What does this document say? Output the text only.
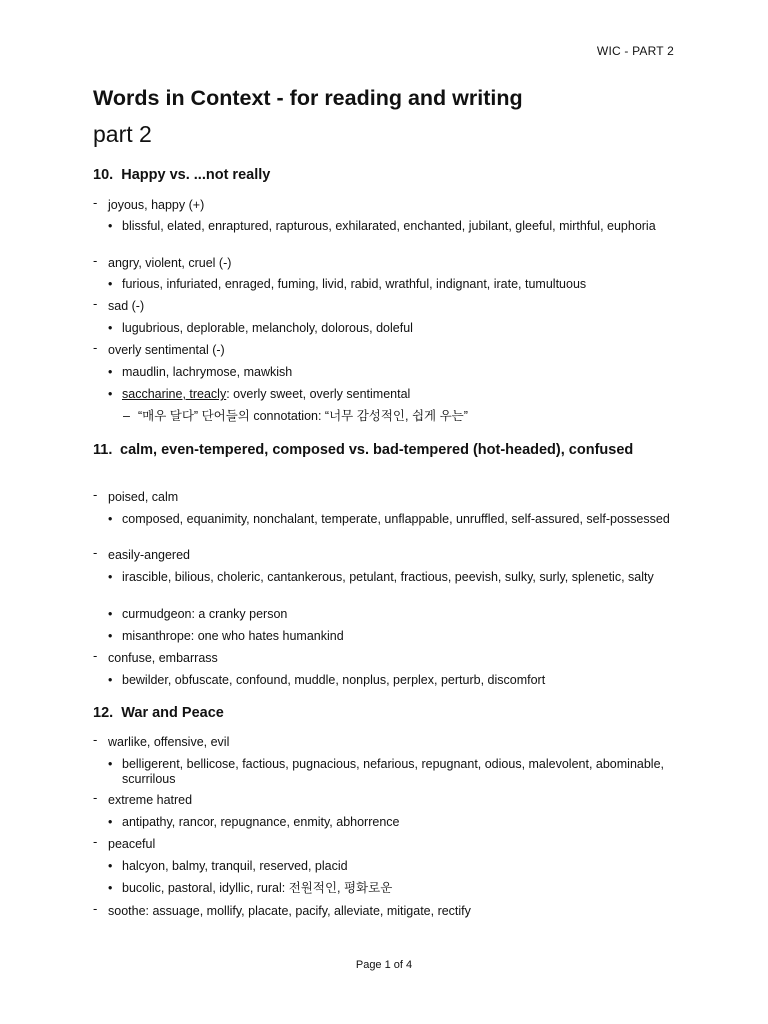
WIC - PART 2
Words in Context - for reading and writing
part 2
10. Happy vs. ...not really
- joyous, happy (+)
• blissful, elated, enraptured, rapturous, exhilarated, enchanted, jubilant, gleeful, mirthful, euphoria
- angry, violent, cruel (-)
• furious, infuriated, enraged, fuming, livid, rabid, wrathful, indignant, irate, tumultuous
- sad (-)
• lugubrious, deplorable, melancholy, dolorous, doleful
- overly sentimental (-)
• maudlin, lachrymose, mawkish
• saccharine, treacly: overly sweet, overly sentimental
– “매우 달다” 단어들의 connotation: “너무 감성적인, 쉽게 우는”
11. calm, even-tempered, composed vs. bad-tempered (hot-headed), confused
- poised, calm
• composed, equanimity, nonchalant, temperate, unflappable, unruffled, self-assured, self-possessed
- easily-angered
• irascible, bilious, choleric, cantankerous, petulant, fractious, peevish, sulky, surly, splenetic, salty
• curmudgeon: a cranky person
• misanthrope: one who hates humankind
- confuse, embarrass
• bewilder, obfuscate, confound, muddle, nonplus, perplex, perturb, discomfort
12. War and Peace
- warlike, offensive, evil
• belligerent, bellicose, factious, pugnacious, nefarious, repugnant, odious, malevolent, abominable, scurrilous
- extreme hatred
• antipathy, rancor, repugnance, enmity, abhorrence
- peaceful
• halcyon, balmy, tranquil, reserved, placid
• bucolic, pastoral, idyllic, rural: 전원적인, 평화로운
- soothe: assuage, mollify, placate, pacify, alleviate, mitigate, rectify
Page 1 of 4
